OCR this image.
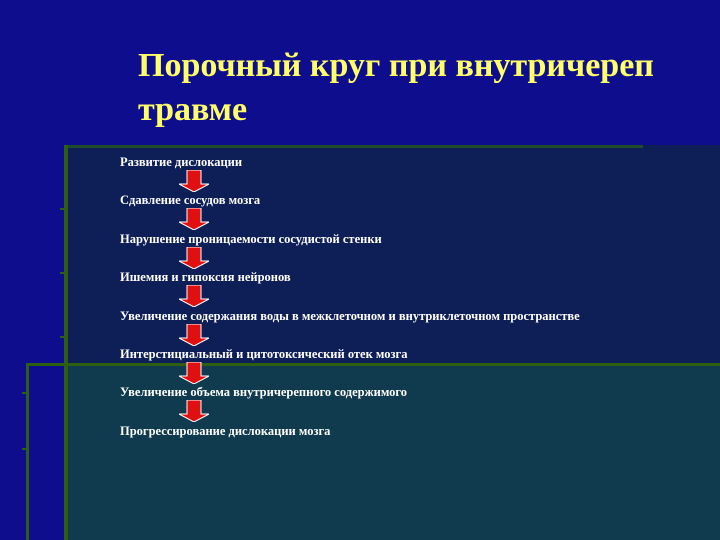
Порочный круг при внутричереп
травме
Развитие дислокации
Сдавление сосудов мозга
Нарушение проницаемости сосудистой стенки
Ишемия и гипоксия нейронов
Увеличение содержания воды в межклеточном и внутриклеточном пространстве
Интерстициальный и цитотоксический отек мозга
Увеличение объема внутричерепного содержимого
Прогрессирование дислокации мозга
